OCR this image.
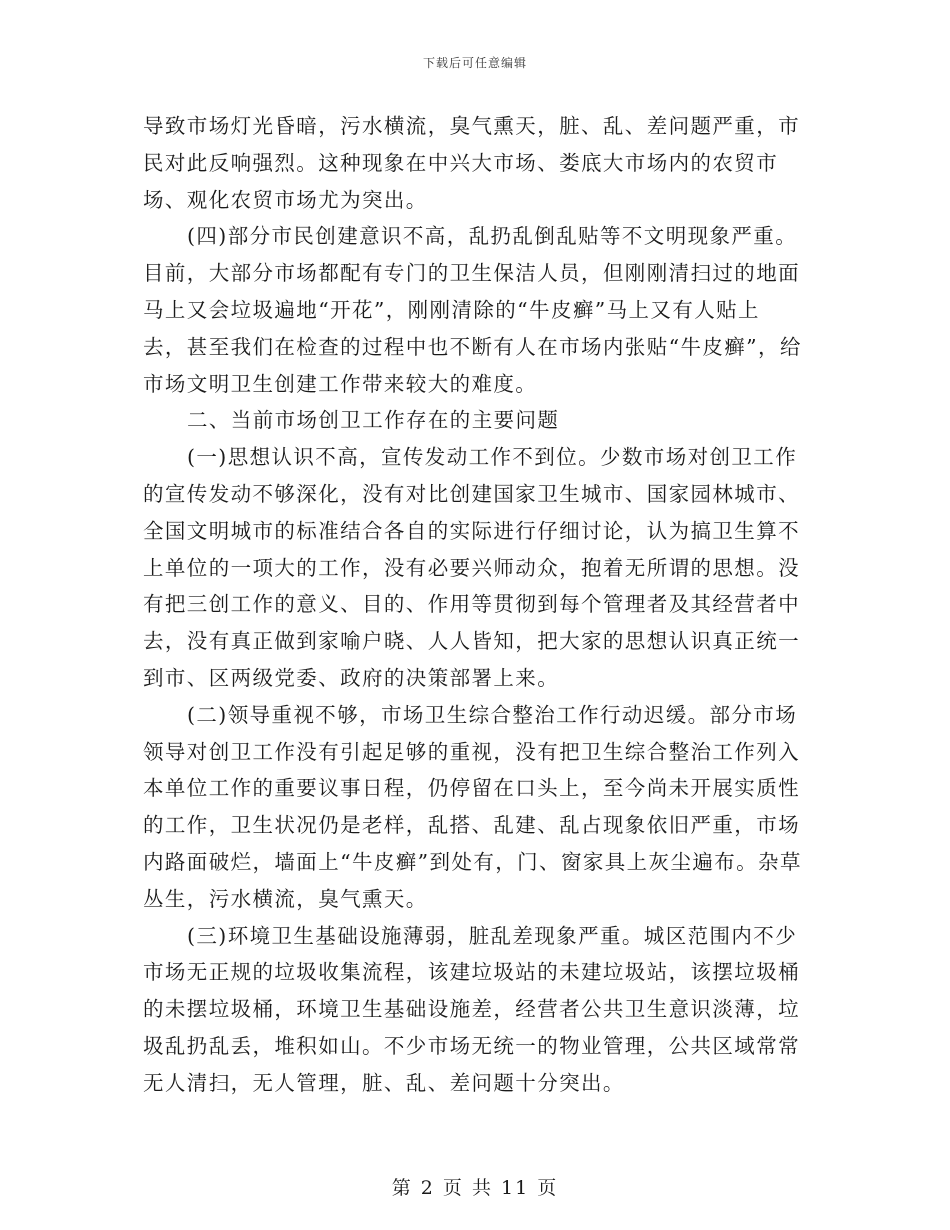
下载后可任意编辑

导致市场灯光昏暗，污水横流，臭气熏天，脏、乱、差问题严重，市民对此反响强烈。这种现象在中兴大市场、娄底大市场内的农贸市场、观化农贸市场尤为突出。

(四)部分市民创建意识不高，乱扔乱倒乱贴等不文明现象严重。目前，大部分市场都配有专门的卫生保洁人员，但刚刚清扫过的地面马上又会垃圾遍地“开花”，刚刚清除的“牛皮癣”马上又有人贴上去，甚至我们在检查的过程中也不断有人在市场内张贴“牛皮癣”，给市场文明卫生创建工作带来较大的难度。

二、当前市场创卫工作存在的主要问题

(一)思想认识不高，宣传发动工作不到位。少数市场对创卫工作的宣传发动不够深化，没有对比创建国家卫生城市、国家园林城市、全国文明城市的标准结合各自的实际进行仔细讨论，认为搞卫生算不上单位的一项大的工作，没有必要兴师动众，抱着无所谓的思想。没有把三创工作的意义、目的、作用等贯彻到每个管理者及其经营者中去，没有真正做到家喻户晓、人人皆知，把大家的思想认识真正统一到市、区两级党委、政府的决策部署上来。

(二)领导重视不够，市场卫生综合整治工作行动迟缓。部分市场领导对创卫工作没有引起足够的重视，没有把卫生综合整治工作列入本单位工作的重要议事日程，仍停留在口头上，至今尚未开展实质性的工作，卫生状况仍是老样，乱搭、乱建、乱占现象依旧严重，市场内路面破烂，墙面上“牛皮癣”到处有，门、窗家具上灰尘遍布。杂草丛生，污水横流，臭气熏天。

(三)环境卫生基础设施薄弱，脏乱差现象严重。城区范围内不少市场无正规的垃圾收集流程，该建垃圾站的未建垃圾站，该摆垃圾桶的未摆垃圾桶，环境卫生基础设施差，经营者公共卫生意识淡薄，垃圾乱扔乱丢，堆积如山。不少市场无统一的物业管理，公共区域常常无人清扫，无人管理，脏、乱、差问题十分突出。

第 2 页 共 11 页
